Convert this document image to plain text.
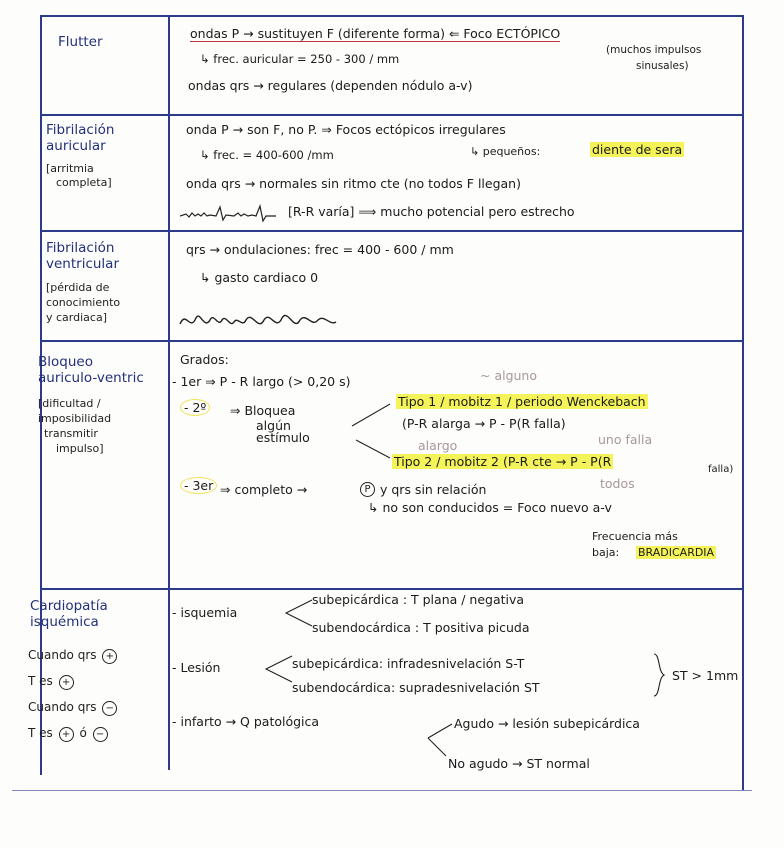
Flutter
ondas P → sustituyen F (diferente forma) ⇐ Foco ECTÓPICO
(muchos impulsos
sinusales)
↳ frec. auricular = 250 - 300 / mm
ondas qrs → regulares (dependen nódulo a-v)
Fibrilación
auricular
[arritmia
completa]
onda P → son F, no P. ⇒ Focos ectópicos irregulares
↳ frec. = 400-600 /mm	↳ pequeños:	diente de sera
onda qrs → normales sin ritmo cte (no todos F llegan)
[R-R varía] ⟹ mucho potencial pero estrecho
Fibrilación
ventricular
[pérdida de
conocimiento
y cardiaca]
qrs → ondulaciones: frec = 400 - 600 / mm
↳ gasto cardiaco 0
Bloqueo
auriculo-ventric
[dificultad /
imposibilidad
transmitir
impulso]
Grados:
- 1er ⇒ P - R largo (> 0,20 s)	~ alguno
- 2º	⇒ Bloquea
algún
estímulo
Tipo 1 / mobitz 1 / periodo Wenckebach
(P-R alarga → P - P(R falla)
alargo	uno falla
Tipo 2 / mobitz 2 (P-R cte → P - P(R
falla)
todos
- 3er ⇒ completo →	P y qrs sin relación
↳ no son conducidos = Foco nuevo a-v
Frecuencia más
baja: BRADICARDIA
Cardiopatía
isquémica
Cuando qrs +
T es +
Cuando qrs −
T es + ó −
- isquemia
subepicárdica : T plana / negativa
subendocárdica : T positiva picuda
- Lesión	subepicárdica: infradesnivelación S-T
subendocárdica: supradesnivelación ST
ST > 1mm
- infarto → Q patológica	Agudo → lesión subepicárdica
No agudo → ST normal
